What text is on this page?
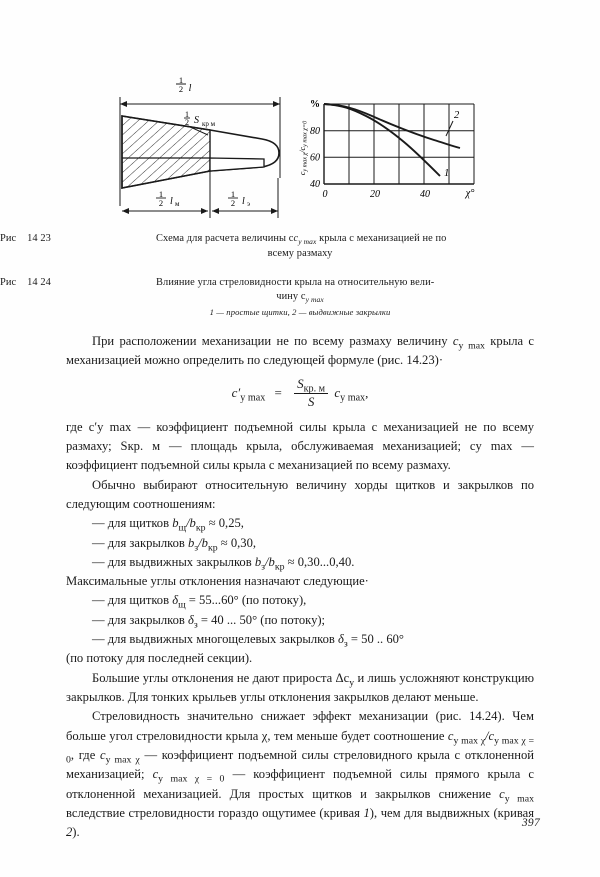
l
1
2
1
2 S кр м
1
2 l м
1
2 l э
2
1
%
80
60
40
0	20	40	χ°
cy max χ/cy max χ=0
Рис 14 23	Схема для расчета величины $cc_{y max}$ крыла с механизацией не по
всему размаху
Рис 14 24	Влияние угла стреловидности крыла на относительную вели-
чину $c_{y max}$
1 — простые щитки, 2 — выдвижные закрылки

При расположении механизации не по всему размаху величину $c_{y max}$ крыла с механизацией можно определить по следующей формуле (рис. 14.23)·

$c'_{y max} = \frac{S_{кр. м}}{S} c_{y max}$,

где c′y max — коэффициент подъемной силы крыла с механизацией не по всему размаху; Sкр. м — площадь крыла, обслуживаемая механизацией; cy max — коэффициент подъемной силы крыла с механизацией по всему размаху.

Обычно выбирают относительную величину хорды щитков и закрылков по следующим соотношениям:

— для щитков $b_щ/b_{кр} \approx 0,25$,

— для закрылков $b_з/b_{кр} \approx 0,30$,

— для выдвижных закрылков $b_з/b_{кр} \approx 0,30...0,40$.

Максимальные углы отклонения назначают следующие·

— для щитков $\delta_щ = 55...60^\circ$ (по потоку),

— для закрылков $\delta_з = 40$ ... 50° (по потоку);

— для выдвижных многощелевых закрылков $\delta_з = 50$ .. 60°

(по потоку для последней секции).

Большие углы отклонения не дают прироста $\Delta c_y$ и лишь усложняют конструкцию закрылков. Для тонких крыльев углы отклонения закрылков делают меньше.

Стреловидность значительно снижает эффект механизации (рис. 14.24). Чем больше угол стреловидности крыла χ, тем меньше будет соотношение $c_{y max \chi}/c_{y max \chi = 0}$, где $c_{y max \chi}$ — коэффициент подъемной силы стреловидного крыла с отклоненной механизацией; $c_{y max \chi = 0}$ — коэффициент подъемной силы прямого крыла с отклоненной механизацией. Для простых щитков и закрылков снижение $c_{y max}$ вследствие стреловидности гораздо ощутимее (кривая 1), чем для выдвижных (кривая 2).

397
